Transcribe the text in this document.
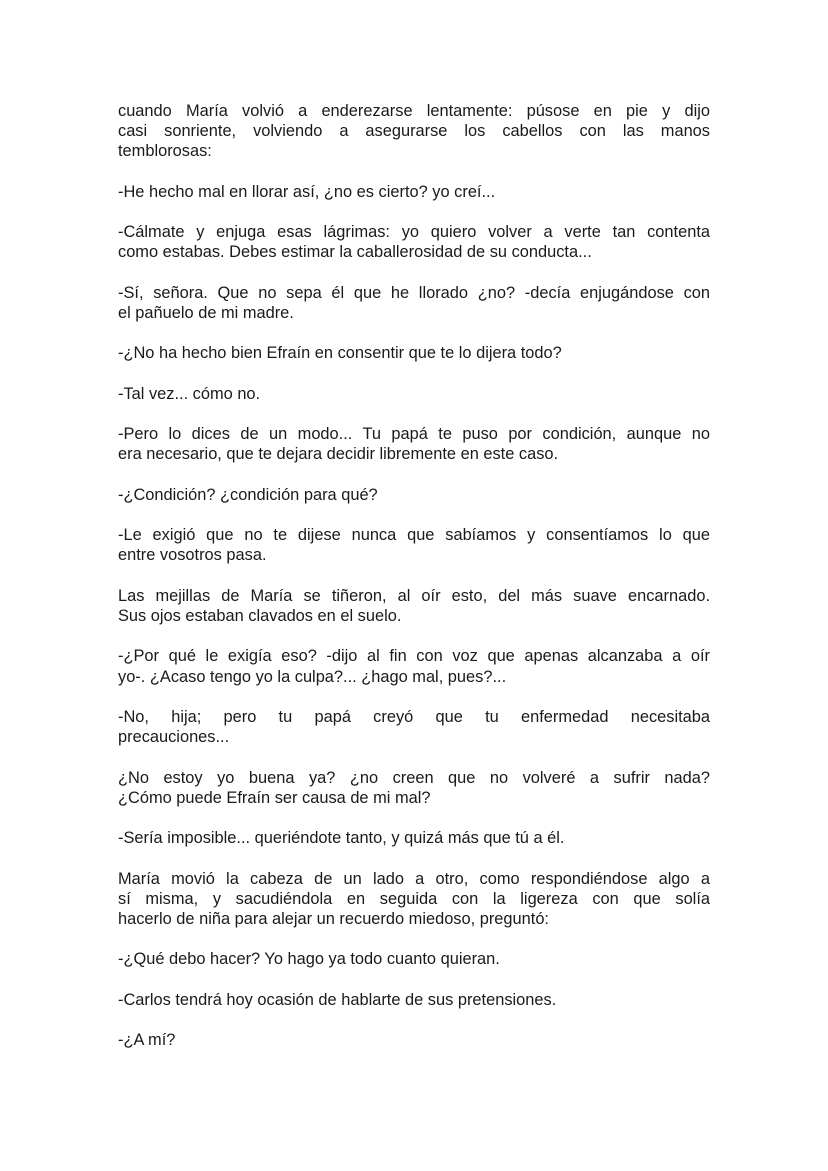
cuando María volvió a enderezarse lentamente: púsose en pie y dijo
casi sonriente, volviendo a asegurarse los cabellos con las manos
temblorosas:
-He hecho mal en llorar así, ¿no es cierto? yo creí...
-Cálmate y enjuga esas lágrimas: yo quiero volver a verte tan contenta
como estabas. Debes estimar la caballerosidad de su conducta...
-Sí, señora. Que no sepa él que he llorado ¿no? -decía enjugándose con
el pañuelo de mi madre.
-¿No ha hecho bien Efraín en consentir que te lo dijera todo?
-Tal vez... cómo no.
-Pero lo dices de un modo... Tu papá te puso por condición, aunque no
era necesario, que te dejara decidir libremente en este caso.
-¿Condición? ¿condición para qué?
-Le exigió que no te dijese nunca que sabíamos y consentíamos lo que
entre vosotros pasa.
Las mejillas de María se tiñeron, al oír esto, del más suave encarnado.
Sus ojos estaban clavados en el suelo.
-¿Por qué le exigía eso? -dijo al fin con voz que apenas alcanzaba a oír
yo-. ¿Acaso tengo yo la culpa?... ¿hago mal, pues?...
-No, hija; pero tu papá creyó que tu enfermedad necesitaba
precauciones...
¿No estoy yo buena ya? ¿no creen que no volveré a sufrir nada?
¿Cómo puede Efraín ser causa de mi mal?
-Sería imposible... queriéndote tanto, y quizá más que tú a él.
María movió la cabeza de un lado a otro, como respondiéndose algo a
sí misma, y sacudiéndola en seguida con la ligereza con que solía
hacerlo de niña para alejar un recuerdo miedoso, preguntó:
-¿Qué debo hacer? Yo hago ya todo cuanto quieran.
-Carlos tendrá hoy ocasión de hablarte de sus pretensiones.
-¿A mí?
